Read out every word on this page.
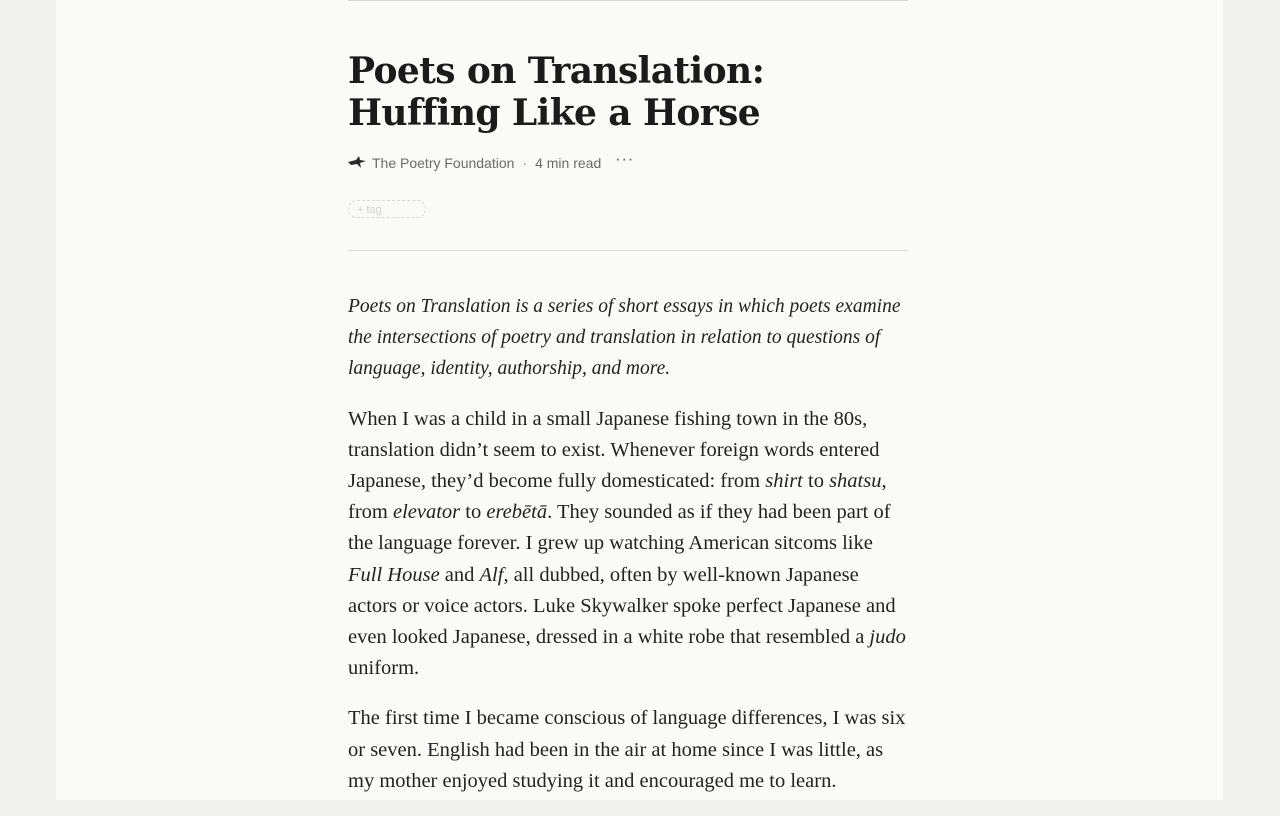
Poets on Translation: Huffing Like a Horse
The Poetry Foundation · 4 min read ···
+ tag

Poets on Translation is a series of short essays in which poets examine the intersections of poetry and translation in relation to questions of language, identity, authorship, and more.

When I was a child in a small Japanese fishing town in the 80s, translation didn’t seem to exist. Whenever foreign words entered Japanese, they’d become fully domesticated: from shirt to shatsu, from elevator to erebētā. They sounded as if they had been part of the language forever. I grew up watching American sitcoms like Full House and Alf, all dubbed, often by well-known Japanese actors or voice actors. Luke Skywalker spoke perfect Japanese and even looked Japanese, dressed in a white robe that resembled a judo uniform.

The first time I became conscious of language differences, I was six or seven. English had been in the air at home since I was little, as my mother enjoyed studying it and encouraged me to learn.
